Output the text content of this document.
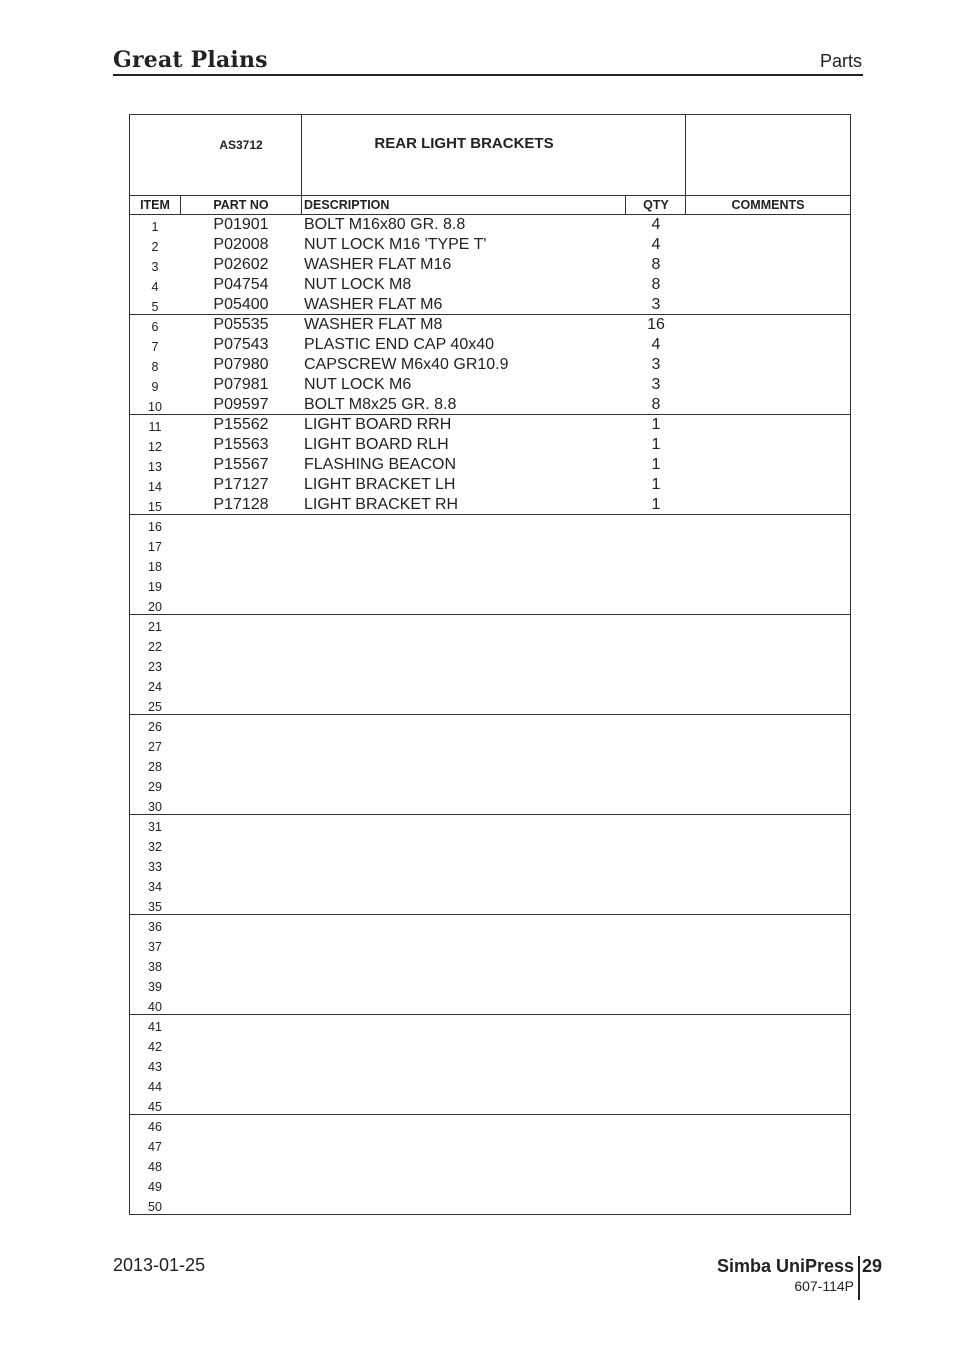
Great Plains	Parts
AS3712	REAR LIGHT BRACKETS
ITEM	PART NO	DESCRIPTION	QTY	COMMENTS
1	P01901	BOLT M16x80 GR. 8.8	4
2	P02008	NUT LOCK M16 'TYPE T'	4
3	P02602	WASHER FLAT M16	8
4	P04754	NUT LOCK M8	8
5	P05400	WASHER FLAT M6	3
6	P05535	WASHER FLAT M8	16
7	P07543	PLASTIC END CAP 40x40	4
8	P07980	CAPSCREW M6x40 GR10.9	3
9	P07981	NUT LOCK M6	3
10	P09597	BOLT M8x25 GR. 8.8	8
11	P15562	LIGHT BOARD RRH	1
12	P15563	LIGHT BOARD RLH	1
13	P15567	FLASHING BEACON	1
14	P17127	LIGHT BRACKET LH	1
15	P17128	LIGHT BRACKET RH	1
16
17
18
19
20
21
22
23
24
25
26
27
28
29
30
31
32
33
34
35
36
37
38
39
40
41
42
43
44
45
46
47
48
49
50
2013-01-25	Simba UniPress 29
607-114P
